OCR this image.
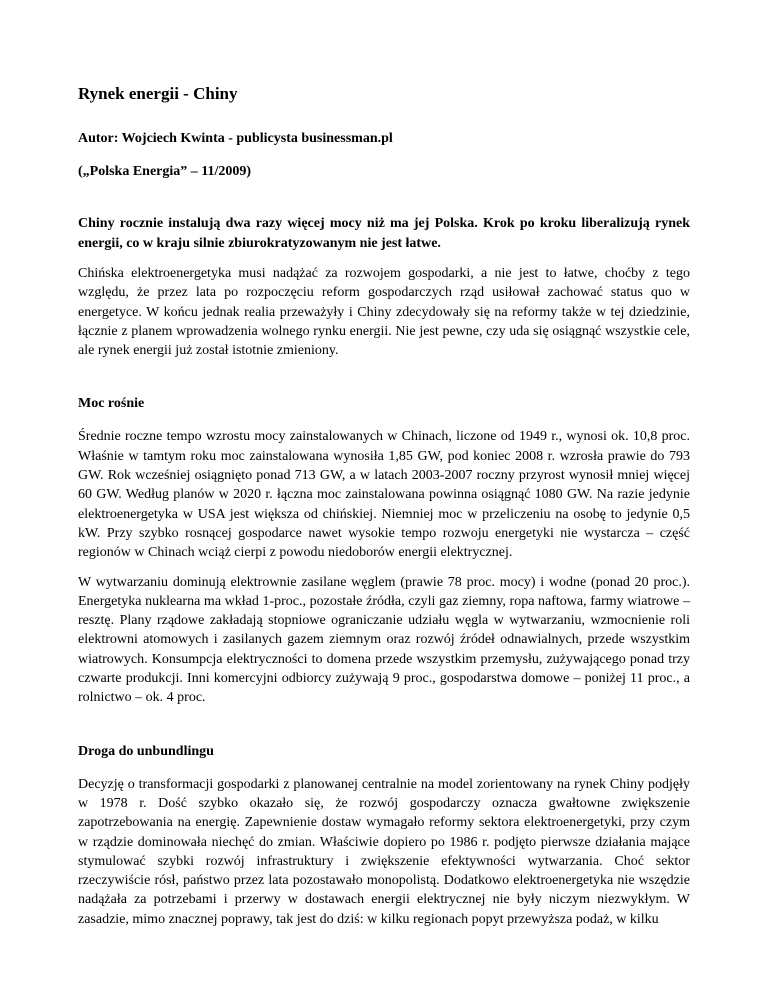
Rynek energii - Chiny
Autor: Wojciech Kwinta - publicysta businessman.pl
(„Polska Energia” – 11/2009)
Chiny rocznie instalują dwa razy więcej mocy niż ma jej Polska. Krok po kroku liberalizują rynek energii, co w kraju silnie zbiurokratyzowanym nie jest łatwe.

Chińska elektroenergetyka musi nadążać za rozwojem gospodarki, a nie jest to łatwe, choćby z tego względu, że przez lata po rozpoczęciu reform gospodarczych rząd usiłował zachować status quo w energetyce. W końcu jednak realia przeważyły i Chiny zdecydowały się na reformy także w tej dziedzinie, łącznie z planem wprowadzenia wolnego rynku energii. Nie jest pewne, czy uda się osiągnąć wszystkie cele, ale rynek energii już został istotnie zmieniony.

Moc rośnie

Średnie roczne tempo wzrostu mocy zainstalowanych w Chinach, liczone od 1949 r., wynosi ok. 10,8 proc. Właśnie w tamtym roku moc zainstalowana wynosiła 1,85 GW, pod koniec 2008 r. wzrosła prawie do 793 GW. Rok wcześniej osiągnięto ponad 713 GW, a w latach 2003-2007 roczny przyrost wynosił mniej więcej 60 GW. Według planów w 2020 r. łączna moc zainstalowana powinna osiągnąć 1080 GW. Na razie jedynie elektroenergetyka w USA jest większa od chińskiej. Niemniej moc w przeliczeniu na osobę to jedynie 0,5 kW. Przy szybko rosnącej gospodarce nawet wysokie tempo rozwoju energetyki nie wystarcza – część regionów w Chinach wciąż cierpi z powodu niedoborów energii elektrycznej.

W wytwarzaniu dominują elektrownie zasilane węglem (prawie 78 proc. mocy) i wodne (ponad 20 proc.). Energetyka nuklearna ma wkład 1-proc., pozostałe źródła, czyli gaz ziemny, ropa naftowa, farmy wiatrowe – resztę. Plany rządowe zakładają stopniowe ograniczanie udziału węgla w wytwarzaniu, wzmocnienie roli elektrowni atomowych i zasilanych gazem ziemnym oraz rozwój źródeł odnawialnych, przede wszystkim wiatrowych. Konsumpcja elektryczności to domena przede wszystkim przemysłu, zużywającego ponad trzy czwarte produkcji. Inni komercyjni odbiorcy zużywają 9 proc., gospodarstwa domowe – poniżej 11 proc., a rolnictwo – ok. 4 proc.

Droga do unbundlingu

Decyzję o transformacji gospodarki z planowanej centralnie na model zorientowany na rynek Chiny podjęły w 1978 r. Dość szybko okazało się, że rozwój gospodarczy oznacza gwałtowne zwiększenie zapotrzebowania na energię. Zapewnienie dostaw wymagało reformy sektora elektroenergetyki, przy czym w rządzie dominowała niechęć do zmian. Właściwie dopiero po 1986 r. podjęto pierwsze działania mające stymulować szybki rozwój infrastruktury i zwiększenie efektywności wytwarzania. Choć sektor rzeczywiście rósł, państwo przez lata pozostawało monopolistą. Dodatkowo elektroenergetyka nie wszędzie nadążała za potrzebami i przerwy w dostawach energii elektrycznej nie były niczym niezwykłym. W zasadzie, mimo znacznej poprawy, tak jest do dziś: w kilku regionach popyt przewyższa podaż, w kilku
